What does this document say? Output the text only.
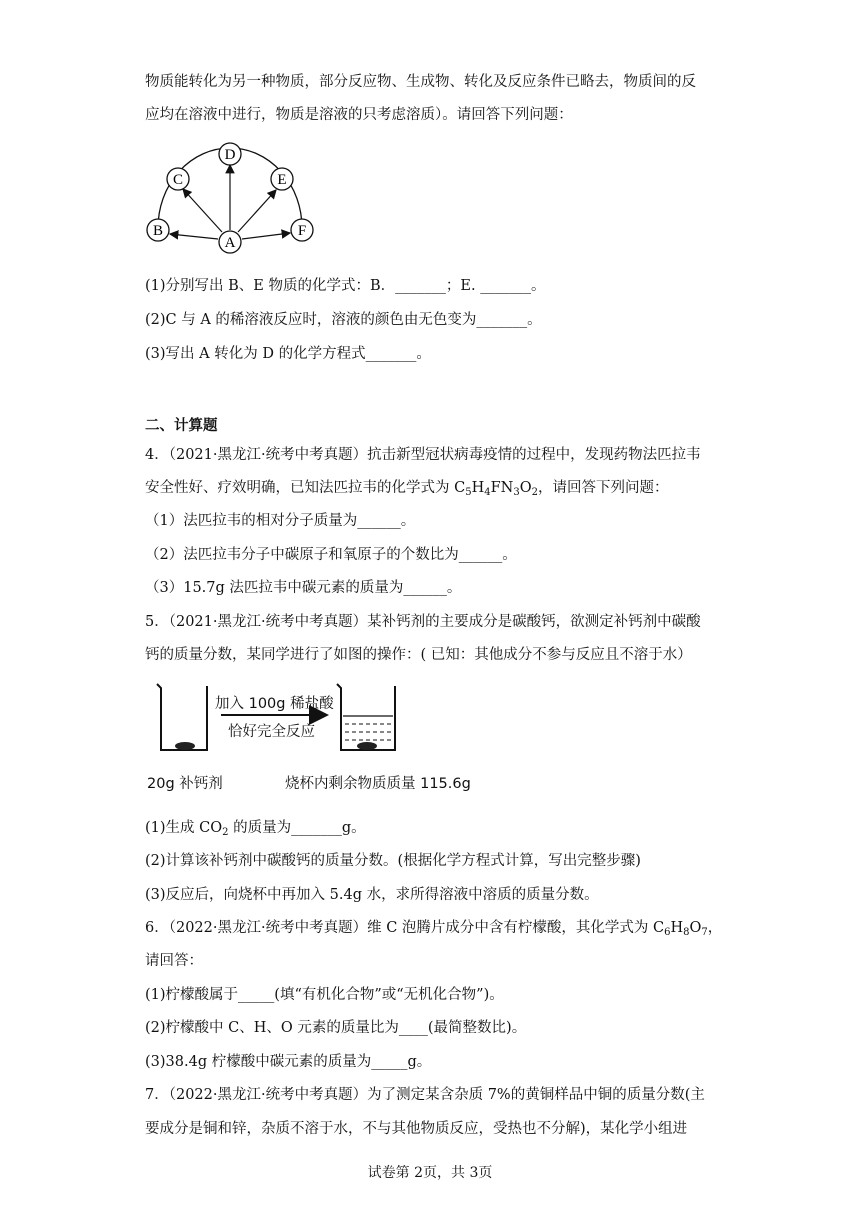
物质能转化为另一种物质，部分反应物、生成物、转化及反应条件已略去，物质间的反
应均在溶液中进行，物质是溶液的只考虑溶质）。请回答下列问题：
A
B
C
D
E
F
(1)分别写出 B、E 物质的化学式：B．_______；E. _______。
(2)C 与 A 的稀溶液反应时，溶液的颜色由无色变为_______。
(3)写出 A 转化为 D 的化学方程式_______。
二、计算题
4．（2021·黑龙江·统考中考真题）抗击新型冠状病毒疫情的过程中，发现药物法匹拉韦
安全性好、疗效明确，已知法匹拉韦的化学式为 $C_5H_4FN_3O_2$，请回答下列问题：
（1）法匹拉韦的相对分子质量为______。
（2）法匹拉韦分子中碳原子和氧原子的个数比为______。
（3）15.7g 法匹拉韦中碳元素的质量为______。
5．（2021·黑龙江·统考中考真题）某补钙剂的主要成分是碳酸钙，欲测定补钙剂中碳酸
钙的质量分数，某同学进行了如图的操作：( 已知：其他成分不参与反应且不溶于水）
加入 100g 稀盐酸
恰好完全反应
20g 补钙剂	烧杯内剩余物质质量 115.6g
(1)生成 $CO_2$ 的质量为_______g。
(2)计算该补钙剂中碳酸钙的质量分数。(根据化学方程式计算，写出完整步骤)
(3)反应后，向烧杯中再加入 5.4g 水，求所得溶液中溶质的质量分数。
6．（2022·黑龙江·统考中考真题）维 C 泡腾片成分中含有柠檬酸，其化学式为 $C_6H_8O_7$，
请回答：
(1)柠檬酸属于_____(填“有机化合物”或“无机化合物”)。
(2)柠檬酸中 C、H、O 元素的质量比为____(最简整数比)。
(3)38.4g 柠檬酸中碳元素的质量为_____g。
7．（2022·黑龙江·统考中考真题）为了测定某含杂质 7%的黄铜样品中铜的质量分数(主
要成分是铜和锌，杂质不溶于水，不与其他物质反应，受热也不分解)，某化学小组进
试卷第 2页，共 3页
